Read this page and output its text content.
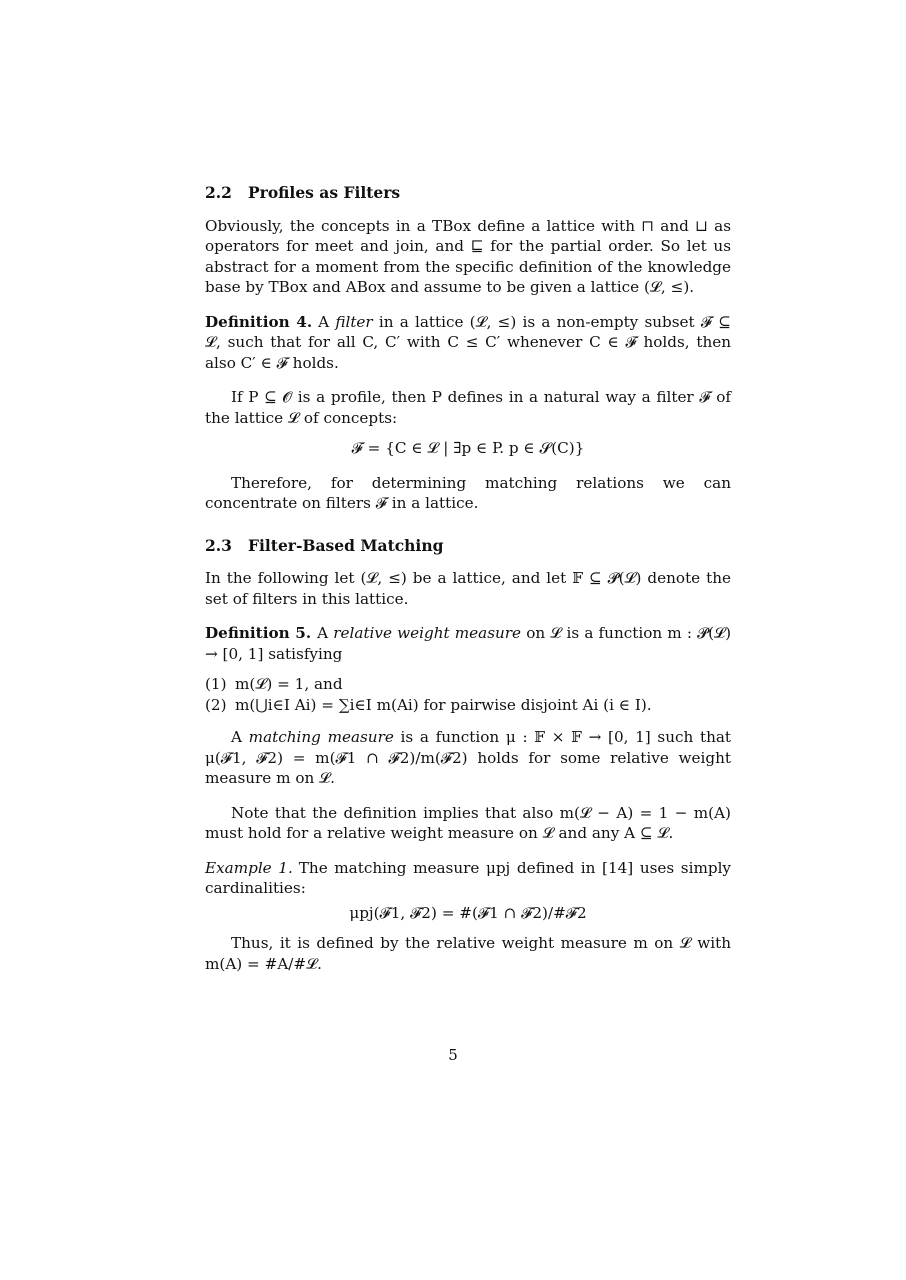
2.2 Profiles as Filters

Obviously, the concepts in a TBox define a lattice with ⊓ and ⊔ as operators for meet and join, and ⊑ for the partial order. So let us abstract for a moment from the specific definition of the knowledge base by TBox and ABox and assume to be given a lattice (𝓛, ≤).

Definition 4. A filter in a lattice (𝓛, ≤) is a non-empty subset 𝓕 ⊆ 𝓛, such that for all C, C′ with C ≤ C′ whenever C ∈ 𝓕 holds, then also C′ ∈ 𝓕 holds.

If P ⊆ 𝓞 is a profile, then P defines in a natural way a filter 𝓕 of the lattice 𝓛 of concepts:

𝓕 = {C ∈ 𝓛 | ∃p ∈ P. p ∈ 𝓢(C)}

Therefore, for determining matching relations we can concentrate on filters 𝓕 in a lattice.

2.3 Filter-Based Matching

In the following let (𝓛, ≤) be a lattice, and let 𝔽 ⊆ 𝓟(𝓛) denote the set of filters in this lattice.

Definition 5. A relative weight measure on 𝓛 is a function m : 𝓟(𝓛) → [0, 1] satisfying

(1) m(𝓛) = 1, and
(2) m(⋃i∈I Ai) = ∑i∈I m(Ai) for pairwise disjoint Ai (i ∈ I).

A matching measure is a function μ : 𝔽 × 𝔽 → [0, 1] such that μ(𝓕1, 𝓕2) = m(𝓕1 ∩ 𝓕2)/m(𝓕2) holds for some relative weight measure m on 𝓛.

Note that the definition implies that also m(𝓛 − A) = 1 − m(A) must hold for a relative weight measure on 𝓛 and any A ⊆ 𝓛.

Example 1. The matching measure μpj defined in [14] uses simply cardinalities:

μpj(𝓕1, 𝓕2) = #(𝓕1 ∩ 𝓕2)/#𝓕2

Thus, it is defined by the relative weight measure m on 𝓛 with m(A) = #A/#𝓛.

5
